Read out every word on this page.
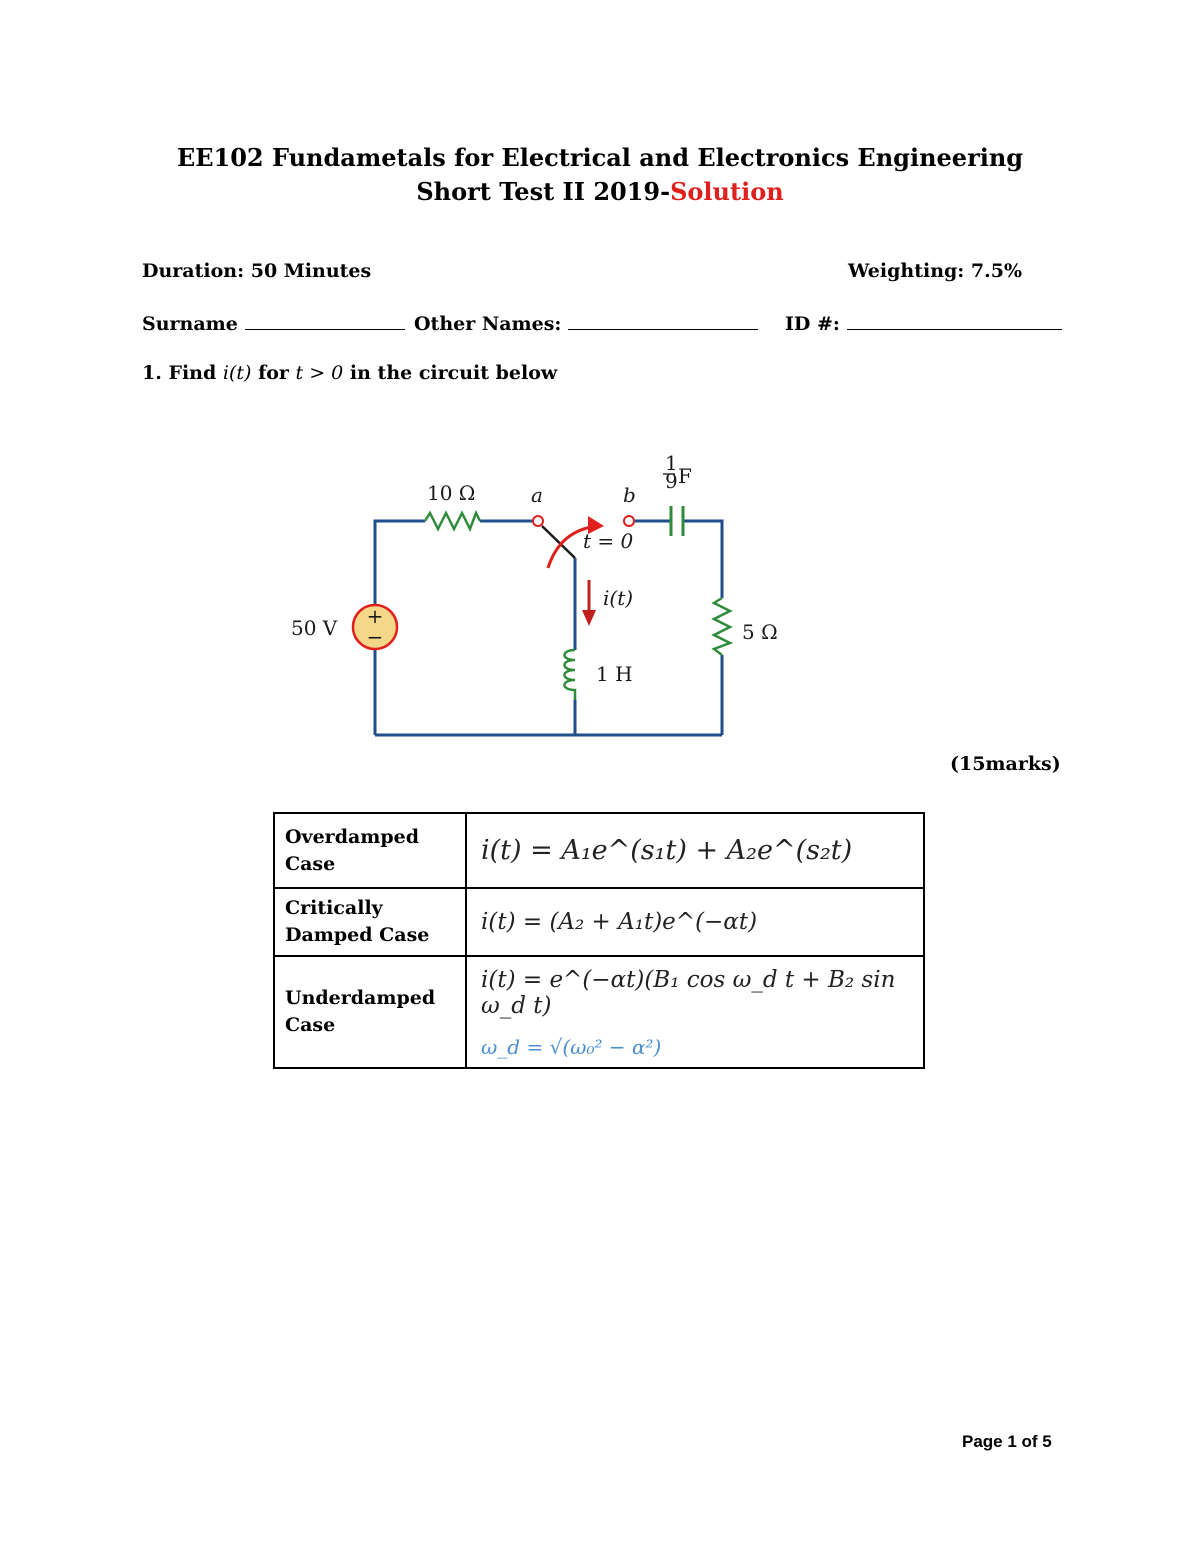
EE102 Fundametals for Electrical and Electronics Engineering
Short Test II 2019-Solution
Duration: 50 Minutes	Weighting: 7.5%
Surname	Other Names:	ID #:
1. Find i(t) for t > 0 in the circuit below
+
−
10 Ω
50 V
a	b
t = 0
i(t)
1
9 F
5 Ω
1 H
(15marks)
Overdamped Case	i(t) = A₁e^(s₁t) + A₂e^(s₂t)

Critically Damped Case	i(t) = (A₂ + A₁t)e^(−αt)

Underdamped Case	i(t) = e^(−αt)(B₁ cos ω_d t + B₂ sin ω_d t)
ω_d = √(ω₀² − α²)
Page 1 of 5
